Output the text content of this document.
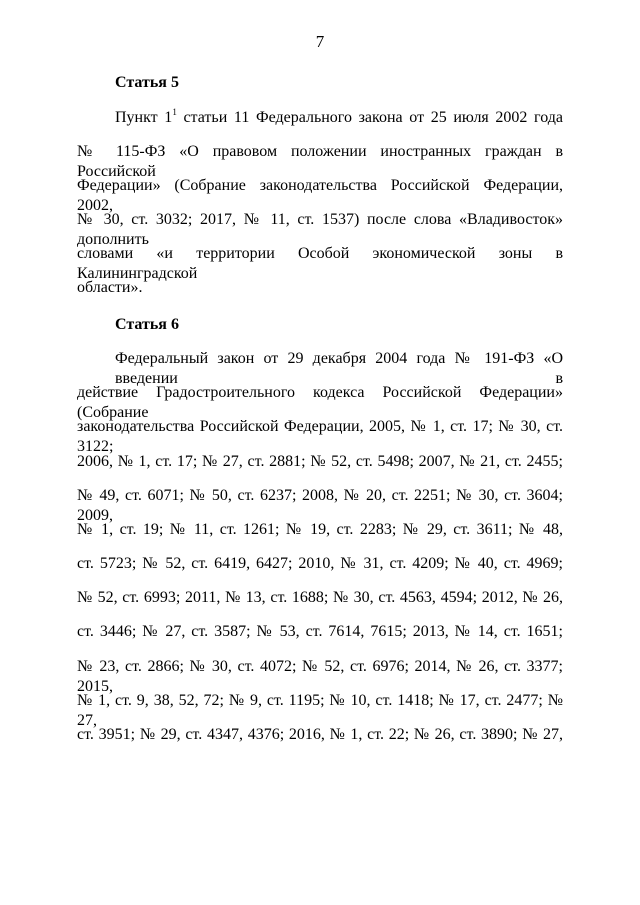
7
Статья 5
Пункт $1^1$ статьи 11 Федерального закона от 25 июля 2002 года
№ 115-ФЗ «О правовом положении иностранных граждан в Российской
Федерации» (Собрание законодательства Российской Федерации, 2002,
№ 30, ст. 3032; 2017, № 11, ст. 1537) после слова «Владивосток» дополнить
словами «и территории Особой экономической зоны в Калининградской
области».
Статья 6
Федеральный закон от 29 декабря 2004 года № 191-ФЗ «О введении в
действие Градостроительного кодекса Российской Федерации» (Собрание
законодательства Российской Федерации, 2005, № 1, ст. 17; № 30, ст. 3122;
2006, № 1, ст. 17; № 27, ст. 2881; № 52, ст. 5498; 2007, № 21, ст. 2455;
№ 49, ст. 6071; № 50, ст. 6237; 2008, № 20, ст. 2251; № 30, ст. 3604; 2009,
№ 1, ст. 19; № 11, ст. 1261; № 19, ст. 2283; № 29, ст. 3611; № 48,
ст. 5723; № 52, ст. 6419, 6427; 2010, № 31, ст. 4209; № 40, ст. 4969;
№ 52, ст. 6993; 2011, № 13, ст. 1688; № 30, ст. 4563, 4594; 2012, № 26,
ст. 3446; № 27, ст. 3587; № 53, ст. 7614, 7615; 2013, № 14, ст. 1651;
№ 23, ст. 2866; № 30, ст. 4072; № 52, ст. 6976; 2014, № 26, ст. 3377; 2015,
№ 1, ст. 9, 38, 52, 72; № 9, ст. 1195; № 10, ст. 1418; № 17, ст. 2477; № 27,
ст. 3951; № 29, ст. 4347, 4376; 2016, № 1, ст. 22; № 26, ст. 3890; № 27,
